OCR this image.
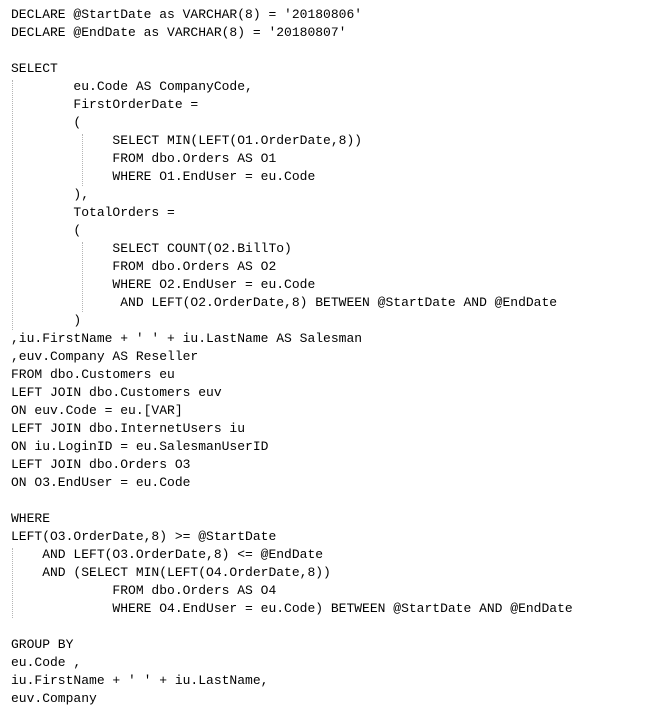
DECLARE @StartDate as VARCHAR(8) = '20180806'
DECLARE @EndDate as VARCHAR(8) = '20180807'
SELECT
eu.Code AS CompanyCode,
FirstOrderDate =
(
SELECT MIN(LEFT(O1.OrderDate,8))
FROM dbo.Orders AS O1
WHERE O1.EndUser = eu.Code
),
TotalOrders =
(
SELECT COUNT(O2.BillTo)
FROM dbo.Orders AS O2
WHERE O2.EndUser = eu.Code
AND LEFT(O2.OrderDate,8) BETWEEN @StartDate AND @EndDate
)
,iu.FirstName + ' ' + iu.LastName AS Salesman
,euv.Company AS Reseller
FROM dbo.Customers eu
LEFT JOIN dbo.Customers euv
ON euv.Code = eu.[VAR]
LEFT JOIN dbo.InternetUsers iu
ON iu.LoginID = eu.SalesmanUserID
LEFT JOIN dbo.Orders O3
ON O3.EndUser = eu.Code
WHERE
LEFT(O3.OrderDate,8) >= @StartDate
AND LEFT(O3.OrderDate,8) <= @EndDate
AND (SELECT MIN(LEFT(O4.OrderDate,8))
FROM dbo.Orders AS O4
WHERE O4.EndUser = eu.Code) BETWEEN @StartDate AND @EndDate
GROUP BY
eu.Code ,
iu.FirstName + ' ' + iu.LastName,
euv.Company
